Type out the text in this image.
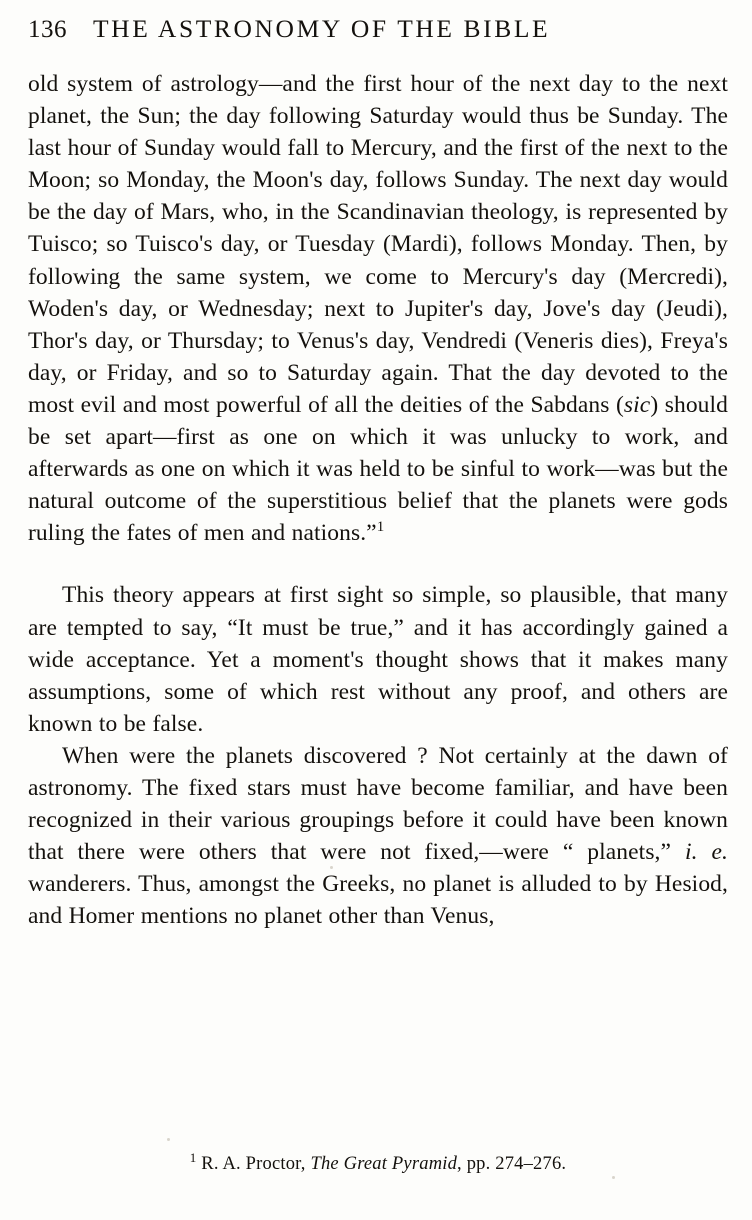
136 THE ASTRONOMY OF THE BIBLE

old system of astrology—and the first hour of the next day to the next planet, the Sun; the day following Saturday would thus be Sunday. The last hour of Sunday would fall to Mercury, and the first of the next to the Moon; so Monday, the Moon's day, follows Sunday. The next day would be the day of Mars, who, in the Scandinavian theology, is represented by Tuisco; so Tuisco's day, or Tuesday (Mardi), follows Monday. Then, by following the same system, we come to Mercury's day (Mercredi), Woden's day, or Wednesday; next to Jupiter's day, Jove's day (Jeudi), Thor's day, or Thursday; to Venus's day, Vendredi (Veneris dies), Freya's day, or Friday, and so to Saturday again. That the day devoted to the most evil and most powerful of all the deities of the Sabdans (sic) should be set apart—first as one on which it was unlucky to work, and afterwards as one on which it was held to be sinful to work—was but the natural outcome of the superstitious belief that the planets were gods ruling the fates of men and nations.”$^1$

This theory appears at first sight so simple, so plausible, that many are tempted to say, “It must be true,” and it has accordingly gained a wide acceptance. Yet a moment's thought shows that it makes many assumptions, some of which rest without any proof, and others are known to be false.

When were the planets discovered ? Not certainly at the dawn of astronomy. The fixed stars must have become familiar, and have been recognized in their various groupings before it could have been known that there were others that were not fixed,—were “ planets,” i. e. wanderers. Thus, amongst the Greeks, no planet is alluded to by Hesiod, and Homer mentions no planet other than Venus,

$^1$ R. A. Proctor, The Great Pyramid, pp. 274–276.
